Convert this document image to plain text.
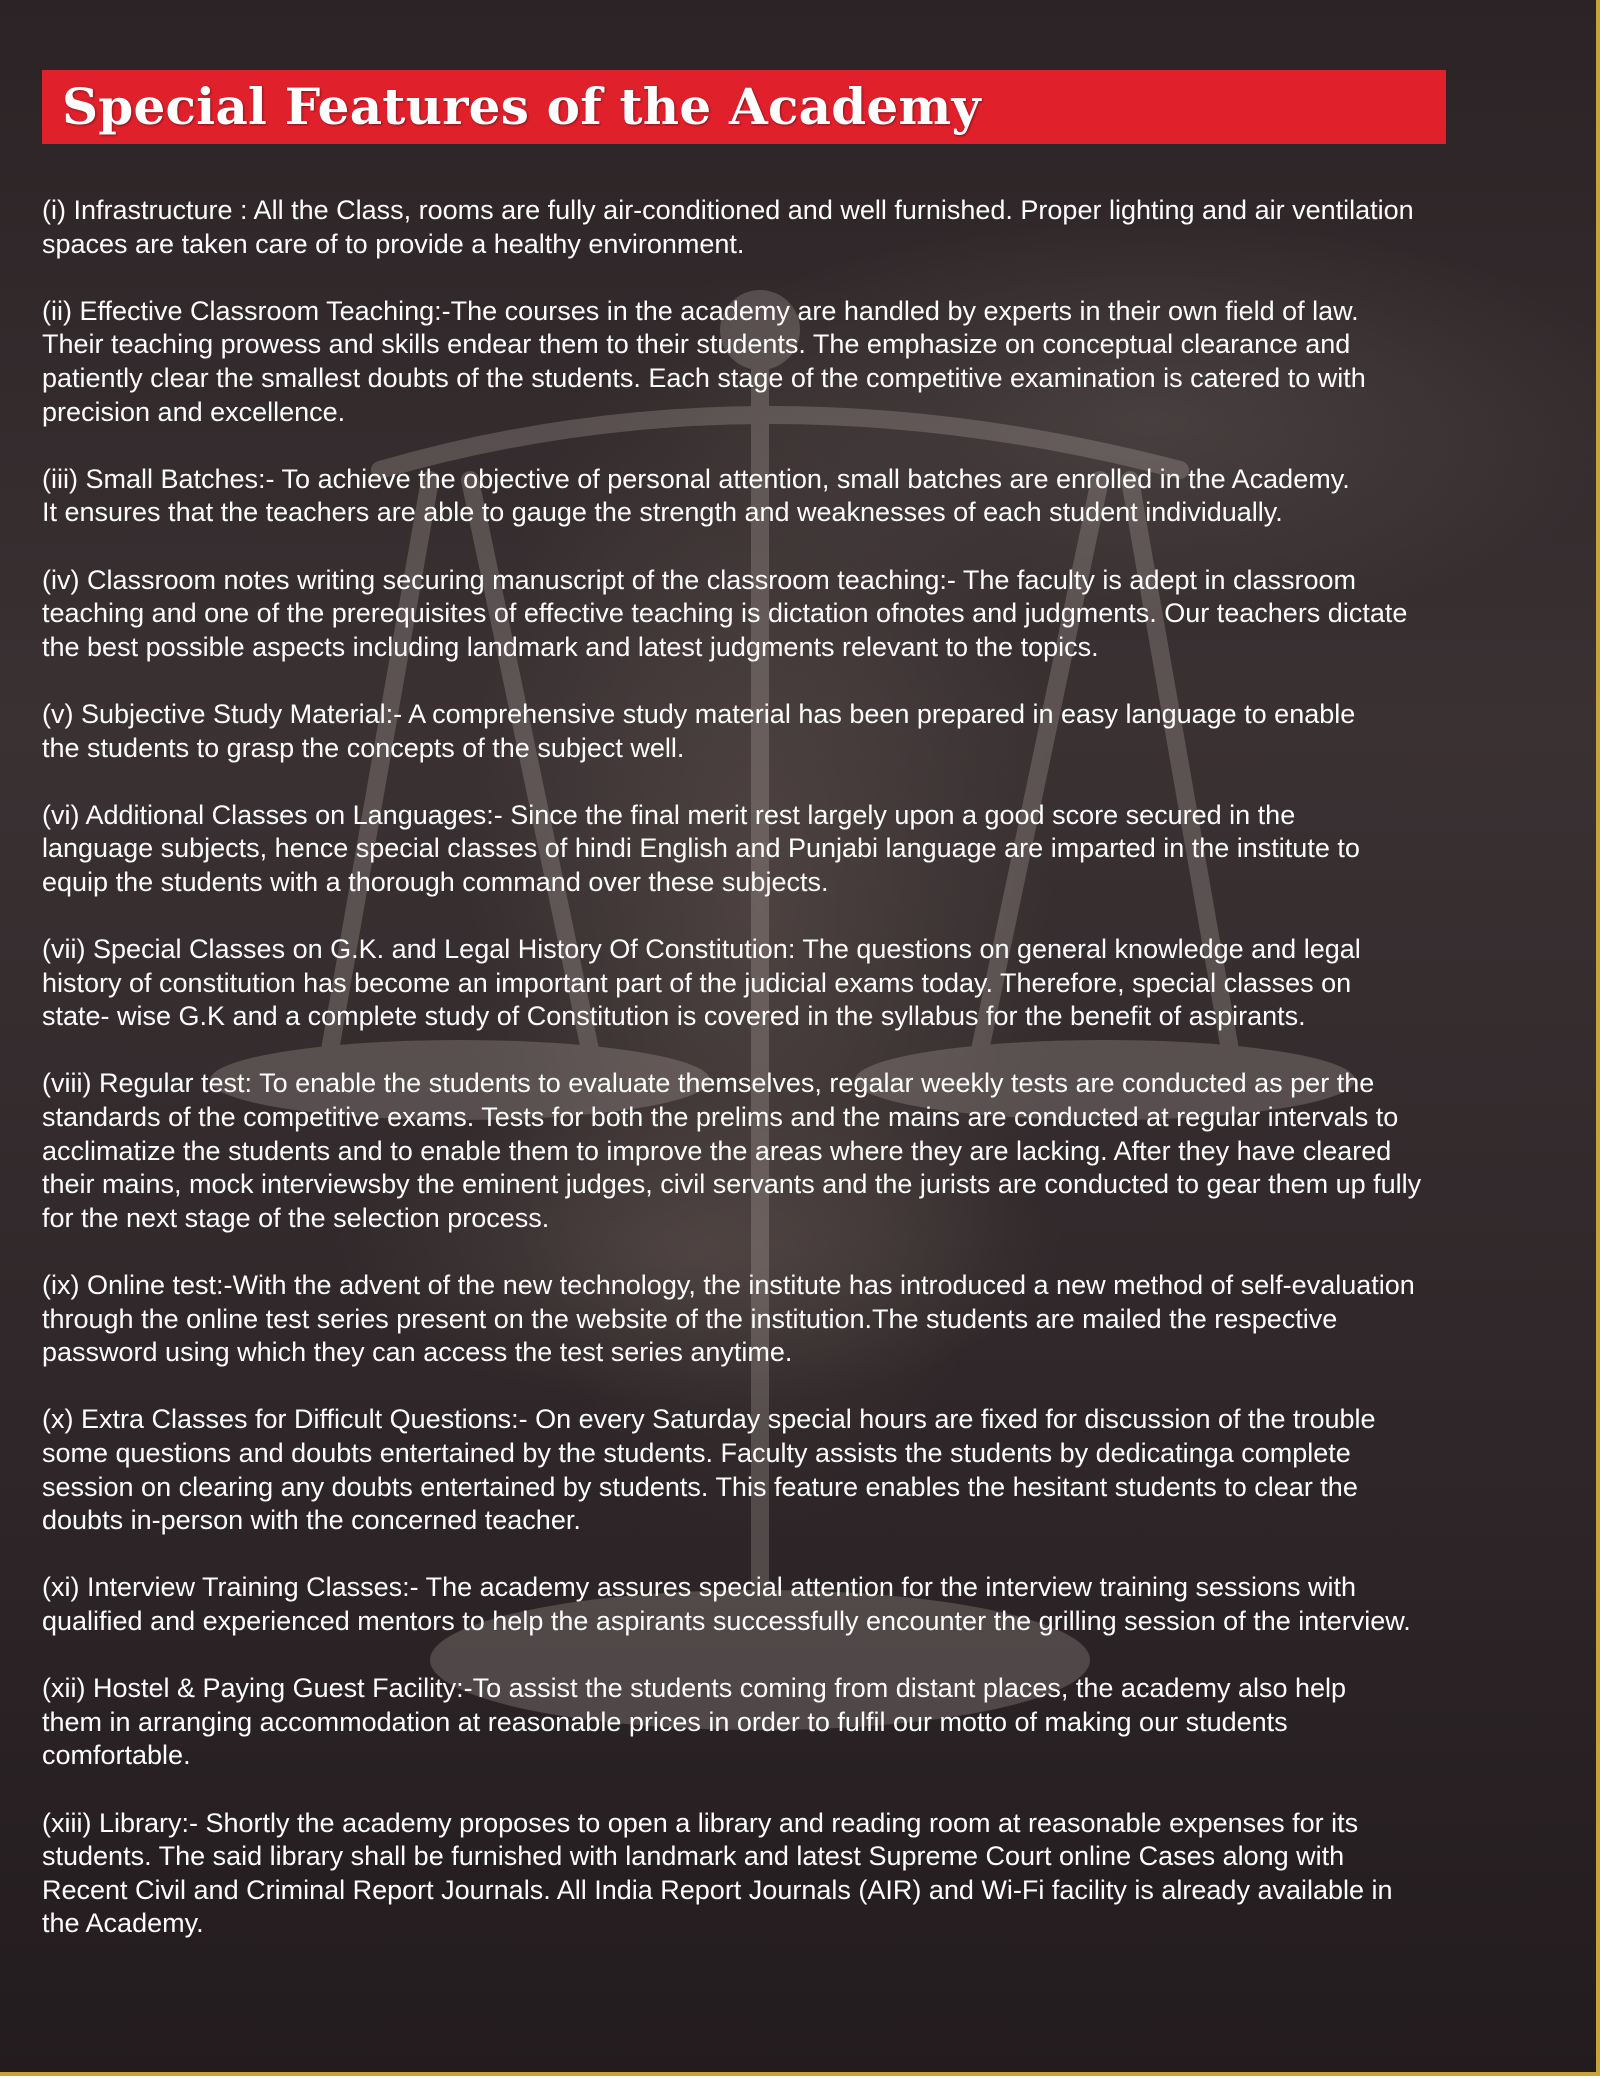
Special Features of the Academy

(i) Infrastructure : All the Class, rooms are fully air-conditioned and well furnished. Proper lighting and air ventilation
spaces are taken care of to provide a healthy environment.

(ii) Effective Classroom Teaching:-The courses in the academy are handled by experts in their own field of law.
Their teaching prowess and skills endear them to their students. The emphasize on conceptual clearance and
patiently clear the smallest doubts of the students. Each stage of the competitive examination is catered to with
precision and excellence.

(iii) Small Batches:- To achieve the objective of personal attention, small batches are enrolled in the Academy.
It ensures that the teachers are able to gauge the strength and weaknesses of each student individually.

(iv) Classroom notes writing securing manuscript of the classroom teaching:- The faculty is adept in classroom
teaching and one of the prerequisites of effective teaching is dictation ofnotes and judgments. Our teachers dictate
the best possible aspects including landmark and latest judgments relevant to the topics.

(v) Subjective Study Material:- A comprehensive study material has been prepared in easy language to enable
the students to grasp the concepts of the subject well.

(vi) Additional Classes on Languages:- Since the final merit rest largely upon a good score secured in the
language subjects, hence special classes of hindi English and Punjabi language are imparted in the institute to
equip the students with a thorough command over these subjects.

(vii) Special Classes on G.K. and Legal History Of Constitution: The questions on general knowledge and legal
history of constitution has become an important part of the judicial exams today. Therefore, special classes on
state- wise G.K and a complete study of Constitution is covered in the syllabus for the benefit of aspirants.

(viii) Regular test: To enable the students to evaluate themselves, regalar weekly tests are conducted as per the
standards of the competitive exams. Tests for both the prelims and the mains are conducted at regular intervals to
acclimatize the students and to enable them to improve the areas where they are lacking. After they have cleared
their mains, mock interviewsby the eminent judges, civil servants and the jurists are conducted to gear them up fully
for the next stage of the selection process.

(ix) Online test:-With the advent of the new technology, the institute has introduced a new method of self-evaluation
through the online test series present on the website of the institution.The students are mailed the respective
password using which they can access the test series anytime.

(x) Extra Classes for Difficult Questions:- On every Saturday special hours are fixed for discussion of the trouble
some questions and doubts entertained by the students. Faculty assists the students by dedicatinga complete
session on clearing any doubts entertained by students. This feature enables the hesitant students to clear the
doubts in-person with the concerned teacher.

(xi) Interview Training Classes:- The academy assures special attention for the interview training sessions with
qualified and experienced mentors to help the aspirants successfully encounter the grilling session of the interview.

(xii) Hostel & Paying Guest Facility:-To assist the students coming from distant places, the academy also help
them in arranging accommodation at reasonable prices in order to fulfil our motto of making our students
comfortable.

(xiii) Library:- Shortly the academy proposes to open a library and reading room at reasonable expenses for its
students. The said library shall be furnished with landmark and latest Supreme Court online Cases along with
Recent Civil and Criminal Report Journals. All India Report Journals (AIR) and Wi-Fi facility is already available in
the Academy.
